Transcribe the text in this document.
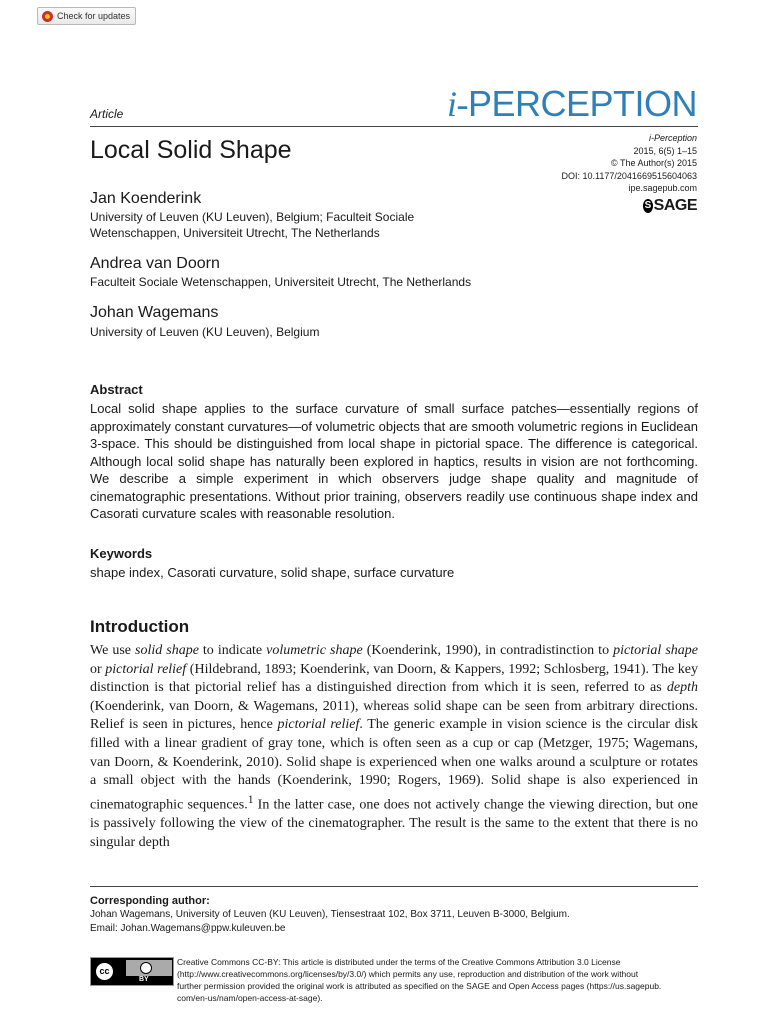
Check for updates
Article	i-PERCEPTION
Local Solid Shape	i-Perception
2015, 6(5) 1–15
© The Author(s) 2015
DOI: 10.1177/2041669515604063
ipe.sagepub.com
S SAGE
Jan Koenderink
University of Leuven (KU Leuven), Belgium; Faculteit Sociale
Wetenschappen, Universiteit Utrecht, The Netherlands
Andrea van Doorn
Faculteit Sociale Wetenschappen, Universiteit Utrecht, The Netherlands
Johan Wagemans
University of Leuven (KU Leuven), Belgium
Abstract
Local solid shape applies to the surface curvature of small surface patches—essentially regions of approximately constant curvatures—of volumetric objects that are smooth volumetric regions in Euclidean 3-space. This should be distinguished from local shape in pictorial space. The difference is categorical. Although local solid shape has naturally been explored in haptics, results in vision are not forthcoming. We describe a simple experiment in which observers judge shape quality and magnitude of cinematographic presentations. Without prior training, observers readily use continuous shape index and Casorati curvature scales with reasonable resolution.
Keywords
shape index, Casorati curvature, solid shape, surface curvature
Introduction
We use solid shape to indicate volumetric shape (Koenderink, 1990), in contradistinction to pictorial shape or pictorial relief (Hildebrand, 1893; Koenderink, van Doorn, & Kappers, 1992; Schlosberg, 1941). The key distinction is that pictorial relief has a distinguished direction from which it is seen, referred to as depth (Koenderink, van Doorn, & Wagemans, 2011), whereas solid shape can be seen from arbitrary directions. Relief is seen in pictures, hence pictorial relief. The generic example in vision science is the circular disk filled with a linear gradient of gray tone, which is often seen as a cup or cap (Metzger, 1975; Wagemans, van Doorn, & Koenderink, 2010). Solid shape is experienced when one walks around a sculpture or rotates a small object with the hands (Koenderink, 1990; Rogers, 1969). Solid shape is also experienced in cinematographic sequences.$^1$ In the latter case, one does not actively change the viewing direction, but one is passively following the view of the cinematographer. The result is the same to the extent that there is no singular depth
Corresponding author:
Johan Wagemans, University of Leuven (KU Leuven), Tiensestraat 102, Box 3711, Leuven B-3000, Belgium.
Email: Johan.Wagemans@ppw.kuleuven.be
cc
BY
Creative Commons CC-BY: This article is distributed under the terms of the Creative Commons Attribution 3.0 License
(http://www.creativecommons.org/licenses/by/3.0/) which permits any use, reproduction and distribution of the work without
further permission provided the original work is attributed as specified on the SAGE and Open Access pages (https://us.sagepub.
com/en-us/nam/open-access-at-sage).
